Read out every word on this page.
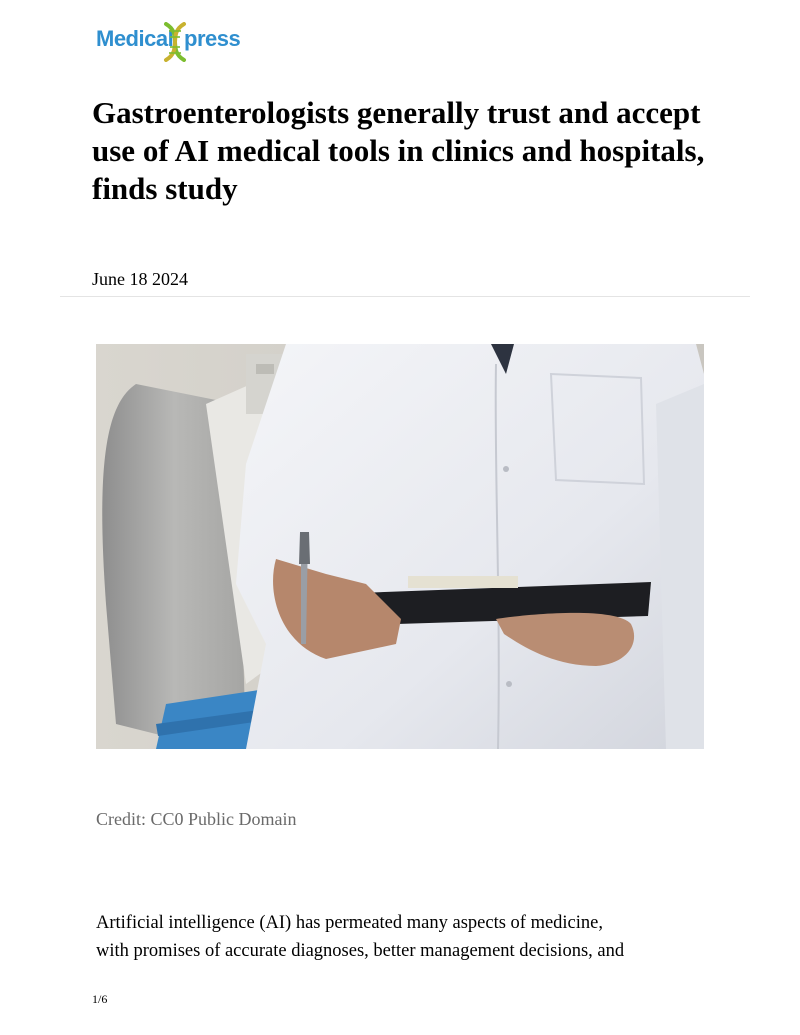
Medical press
Gastroenterologists generally trust and accept use of AI medical tools in clinics and hospitals, finds study
June 18 2024
Credit: CC0 Public Domain

Artificial intelligence (AI) has permeated many aspects of medicine,
with promises of accurate diagnoses, better management decisions, and

1/6
